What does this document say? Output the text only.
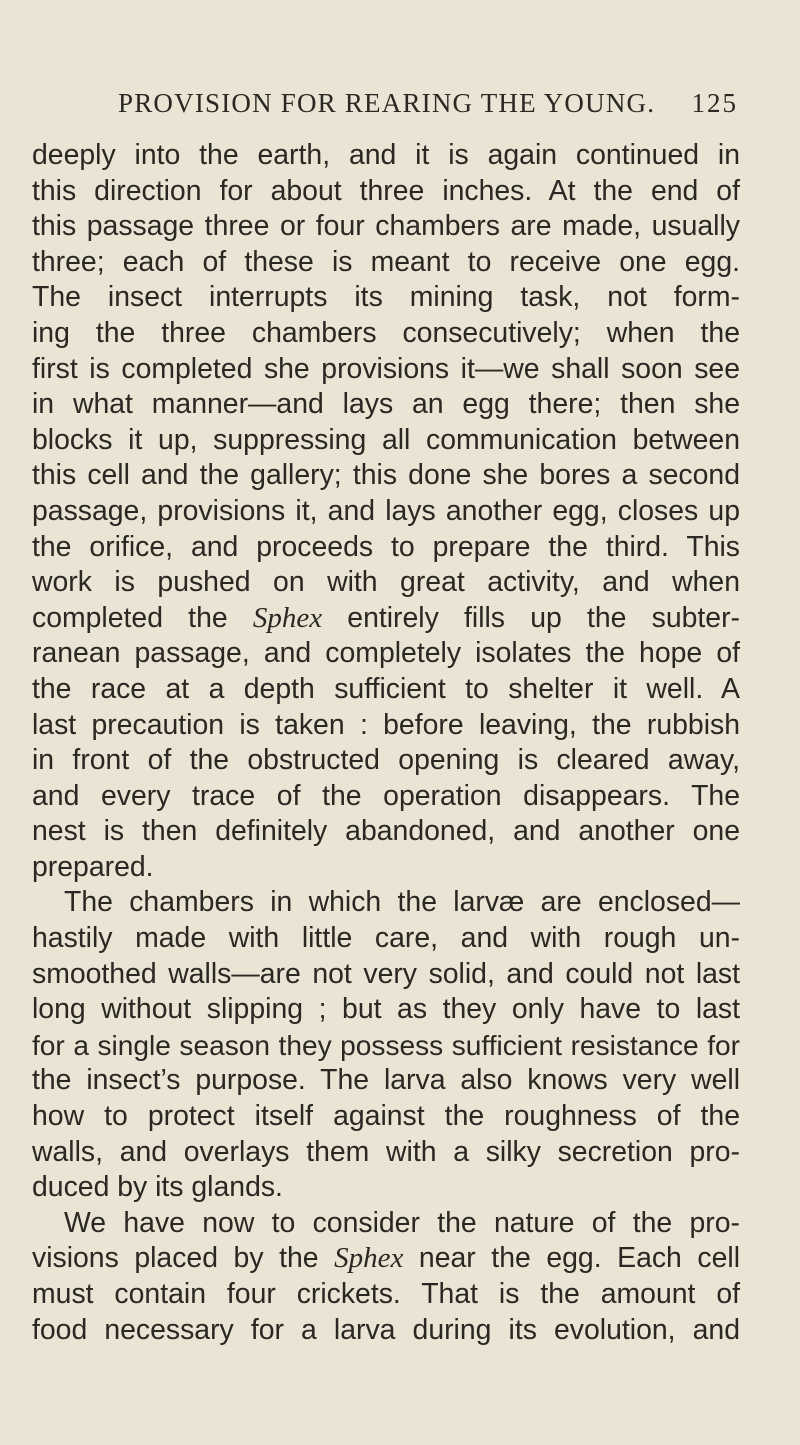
PROVISION FOR REARING THE YOUNG. 125
deeply into the earth, and it is again continued in
this direction for about three inches. At the end of
this passage three or four chambers are made, usually
three; each of these is meant to receive one egg.
The insect interrupts its mining task, not form-
ing the three chambers consecutively; when the
first is completed she provisions it—we shall soon see
in what manner—and lays an egg there; then she
blocks it up, suppressing all communication between
this cell and the gallery; this done she bores a second
passage, provisions it, and lays another egg, closes up
the orifice, and proceeds to prepare the third. This
work is pushed on with great activity, and when
completed the Sphex entirely fills up the subter-
ranean passage, and completely isolates the hope of
the race at a depth sufficient to shelter it well. A
last precaution is taken : before leaving, the rubbish
in front of the obstructed opening is cleared away,
and every trace of the operation disappears. The
nest is then definitely abandoned, and another one
prepared.
The chambers in which the larvæ are enclosed—
hastily made with little care, and with rough un-
smoothed walls—are not very solid, and could not last
long without slipping ; but as they only have to last
for a single season they possess sufficient resistance for
the insect’s purpose. The larva also knows very well
how to protect itself against the roughness of the
walls, and overlays them with a silky secretion pro-
duced by its glands.
We have now to consider the nature of the pro-
visions placed by the Sphex near the egg. Each cell
must contain four crickets. That is the amount of
food necessary for a larva during its evolution, and
